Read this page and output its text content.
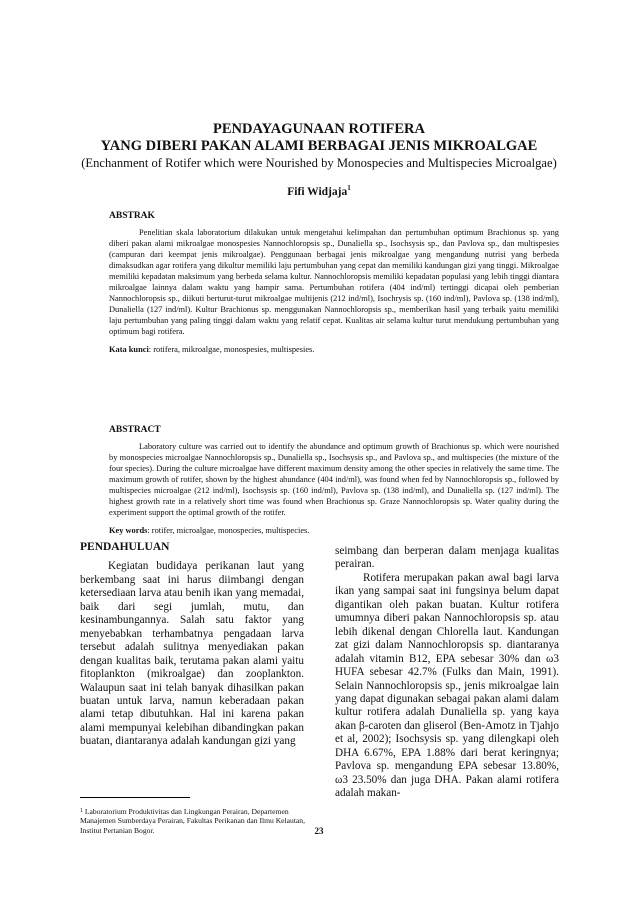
PENDAYAGUNAAN ROTIFERA
YANG DIBERI PAKAN ALAMI BERBAGAI JENIS MIKROALGAE
(Enchanment of Rotifer which were Nourished by Monospecies and Multispecies Microalgae)
Fifi Widjaja$^1$
ABSTRAK
Penelitian skala laboratorium dilakukan untuk mengetahui kelimpahan dan pertumbuhan optimum Brachionus sp. yang diberi pakan alami mikroalgae monospesies Nannochloropsis sp., Dunaliella sp., Isochsysis sp., dan Pavlova sp., dan multispesies (campuran dari keempat jenis mikroalgae). Penggunaan berbagai jenis mikroalgae yang mengandung nutrisi yang berbeda dimaksudkan agar rotifera yang dikultur memiliki laju pertumbuhan yang cepat dan memiliki kandungan gizi yang tinggi. Mikroalgae memiliki kepadatan maksimum yang berbeda selama kultur. Nannochloropsis memiliki kepadatan populasi yang lebih tinggi diantara mikroalgae lainnya dalam waktu yang hampir sama. Pertumbuhan rotifera (404 ind/ml) tertinggi dicapai oleh pemberian Nannochloropsis sp., diikuti berturut-turut mikroalgae multijenis (212 ind/ml), Isochrysis sp. (160 ind/ml), Pavlova sp. (138 ind/ml), Dunaliella (127 ind/ml). Kultur Brachionus sp. menggunakan Nannochloropsis sp., memberikan hasil yang terbaik yaitu memiliki laju pertumbuhan yang paling tinggi dalam waktu yang relatif cepat. Kualitas air selama kultur turut mendukung pertumbuhan yang optimum bagi rotifera.
Kata kunci: rotifera, mikroalgae, monospesies, multispesies.
ABSTRACT
Laboratory culture was carried out to identify the abundance and optimum growth of Brachionus sp. which were nourished by monospecies microalgae Nannochloropsis sp., Dunaliella sp., Isochsysis sp., and Pavlova sp., and multispecies (the mixture of the four species). During the culture microalgae have different maximum density among the other species in relatively the same time. The maximum growth of rotifer, shown by the highest abundance (404 ind/ml), was found when fed by Nannochloropsis sp., followed by multispecies microalgae (212 ind/ml), Isochsysis sp. (160 ind/ml), Pavlova sp. (138 ind/ml), and Dunaliella sp. (127 ind/ml). The highest growth rate in a relatively short time was found when Brachionus sp. Graze Nannochloropsis sp. Water quality during the experiment support the optimal growth of the rotifer.
Key words: rotifer, microalgae, monospecies, multispecies.
PENDAHULUAN

Kegiatan budidaya perikanan laut yang berkembang saat ini harus diimbangi dengan ketersediaan larva atau benih ikan yang memadai, baik dari segi jumlah, mutu, dan kesinambungannya. Salah satu faktor yang menyebabkan terhambatnya pengadaan larva tersebut adalah sulitnya menyediakan pakan dengan kualitas baik, terutama pakan alami yaitu fitoplankton (mikroalgae) dan zooplankton. Walaupun saat ini telah banyak dihasilkan pakan buatan untuk larva, namun keberadaan pakan alami tetap dibutuhkan. Hal ini karena pakan alami mempunyai kelebihan dibandingkan pakan buatan, diantaranya adalah kandungan gizi yang

seimbang dan berperan dalam menjaga kualitas perairan.

Rotifera merupakan pakan awal bagi larva ikan yang sampai saat ini fungsinya belum dapat digantikan oleh pakan buatan. Kultur rotifera umumnya diberi pakan Nannochloropsis sp. atau lebih dikenal dengan Chlorella laut. Kandungan zat gizi dalam Nannochloropsis sp. diantaranya adalah vitamin B12, EPA sebesar 30% dan ω3 HUFA sebesar 42.7% (Fulks dan Main, 1991). Selain Nannochloropsis sp., jenis mikroalgae lain yang dapat digunakan sebagai pakan alami dalam kultur rotifera adalah Dunaliella sp. yang kaya akan β-caroten dan gliserol (Ben-Amotz in Tjahjo et al, 2002); Isochsysis sp. yang dilengkapi oleh DHA 6.67%, EPA 1.88% dari berat keringnya; Pavlova sp. mengandung EPA sebesar 13.80%, ω3 23.50% dan juga DHA. Pakan alami rotifera adalah makan-

$^1$ Laboratorium Produktivitas dan Lingkungan Perairan, Departemen Manajemen Sumberdaya Perairan, Fakultas Perikanan dan Ilmu Kelautan, Institut Pertanian Bogor.	23
